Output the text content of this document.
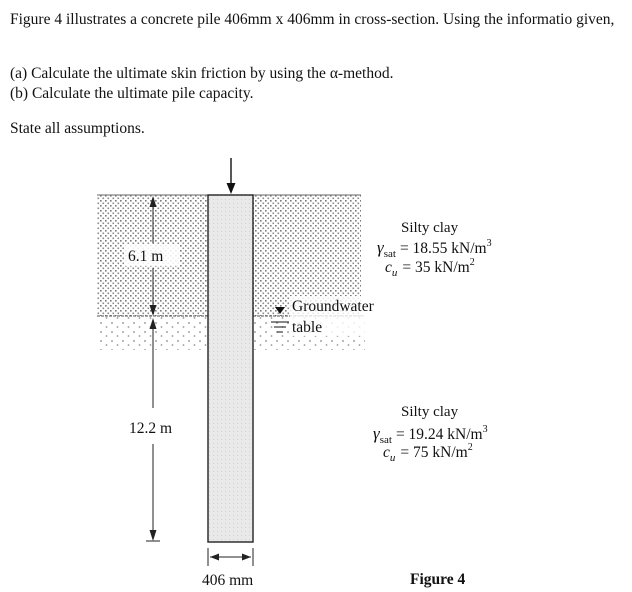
Figure 4 illustrates a concrete pile 406mm x 406mm in cross-section. Using the informatio given,
(a) Calculate the ultimate skin friction by using the α-method.
(b) Calculate the ultimate pile capacity.
State all assumptions.
6.1 m
12.2 m
406 mm
Groundwater
table
Silty clay
$\gamma_{sat} = 18.55$ $kN/m^3$
$c_u = 35$ $kN/m^2$
Silty clay
$\gamma_{sat} = 19.24$ $kN/m^3$
$c_u = 75$ $kN/m^2$
Figure 4
